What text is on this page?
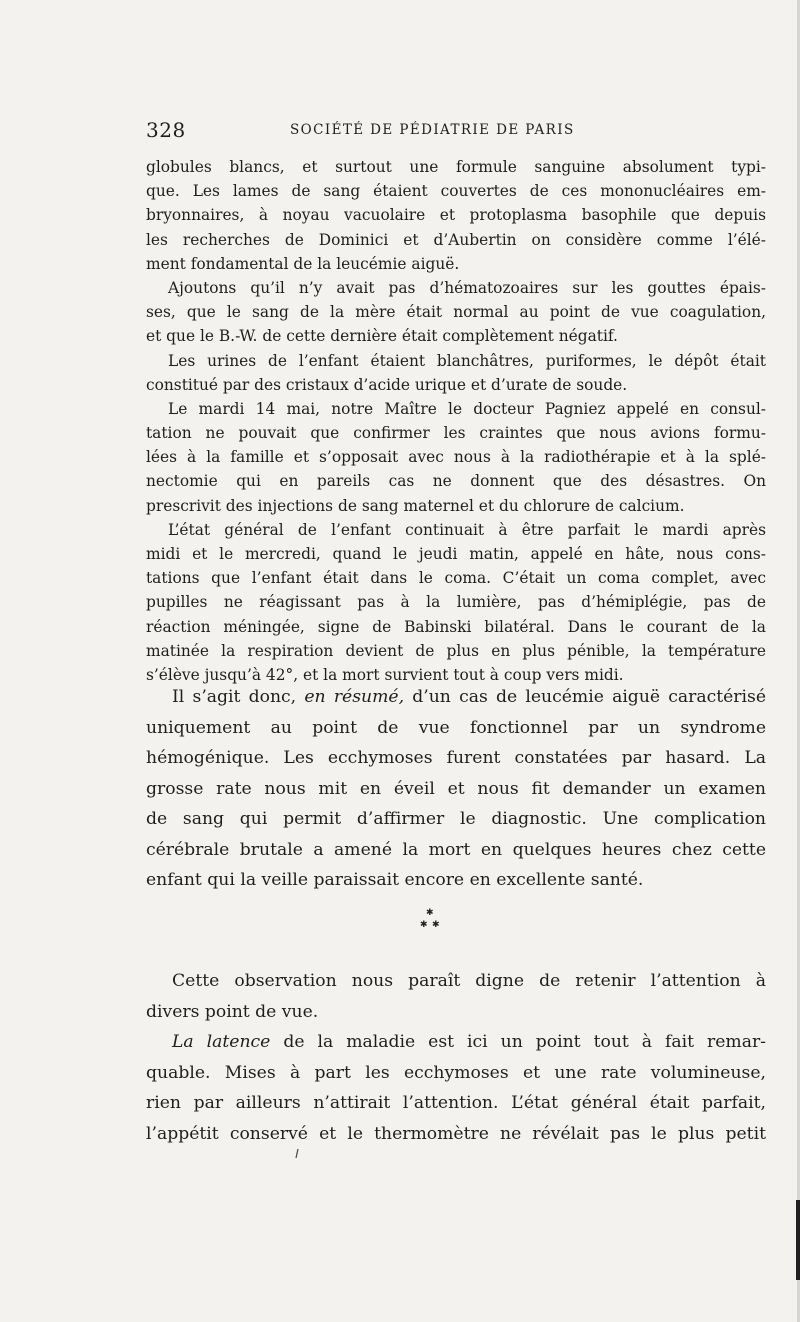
328	SOCIÉTÉ DE PÉDIATRIE DE PARIS
globules blancs, et surtout une formule sanguine absolument typi-
que. Les lames de sang étaient couvertes de ces mononucléaires em-
bryonnaires, à noyau vacuolaire et protoplasma basophile que depuis
les recherches de Dominici et d’Aubertin on considère comme l’élé-
ment fondamental de la leucémie aiguë.
Ajoutons qu’il n’y avait pas d’hématozoaires sur les gouttes épais-
ses, que le sang de la mère était normal au point de vue coagulation,
et que le B.-W. de cette dernière était complètement négatif.
Les urines de l’enfant étaient blanchâtres, puriformes, le dépôt était
constitué par des cristaux d’acide urique et d’urate de soude.
Le mardi 14 mai, notre Maître le docteur Pagniez appelé en consul-
tation ne pouvait que confirmer les craintes que nous avions formu-
lées à la famille et s’opposait avec nous à la radiothérapie et à la splé-
nectomie qui en pareils cas ne donnent que des désastres. On
prescrivit des injections de sang maternel et du chlorure de calcium.
L’état général de l’enfant continuait à être parfait le mardi après
midi et le mercredi, quand le jeudi matin, appelé en hâte, nous cons-
tations que l’enfant était dans le coma. C’était un coma complet, avec
pupilles ne réagissant pas à la lumière, pas d’hémiplégie, pas de
réaction méningée, signe de Babinski bilatéral. Dans le courant de la
matinée la respiration devient de plus en plus pénible, la température
s’élève jusqu’à 42°, et la mort survient tout à coup vers midi.
Il s’agit donc, en résumé, d’un cas de leucémie aiguë caractérisé
uniquement au point de vue fonctionnel par un syndrome
hémogénique. Les ecchymoses furent constatées par hasard. La
grosse rate nous mit en éveil et nous fit demander un examen
de sang qui permit d’affirmer le diagnostic. Une complication
cérébrale brutale a amené la mort en quelques heures chez cette
enfant qui la veille paraissait encore en excellente santé.
✱
✱ ✱
Cette observation nous paraît digne de retenir l’attention à
divers point de vue.
La latence de la maladie est ici un point tout à fait remar-
quable. Mises à part les ecchymoses et une rate volumineuse,
rien par ailleurs n’attirait l’attention. L’état général était parfait,
l’appétit conservé et le thermomètre ne révélait pas le plus petit
